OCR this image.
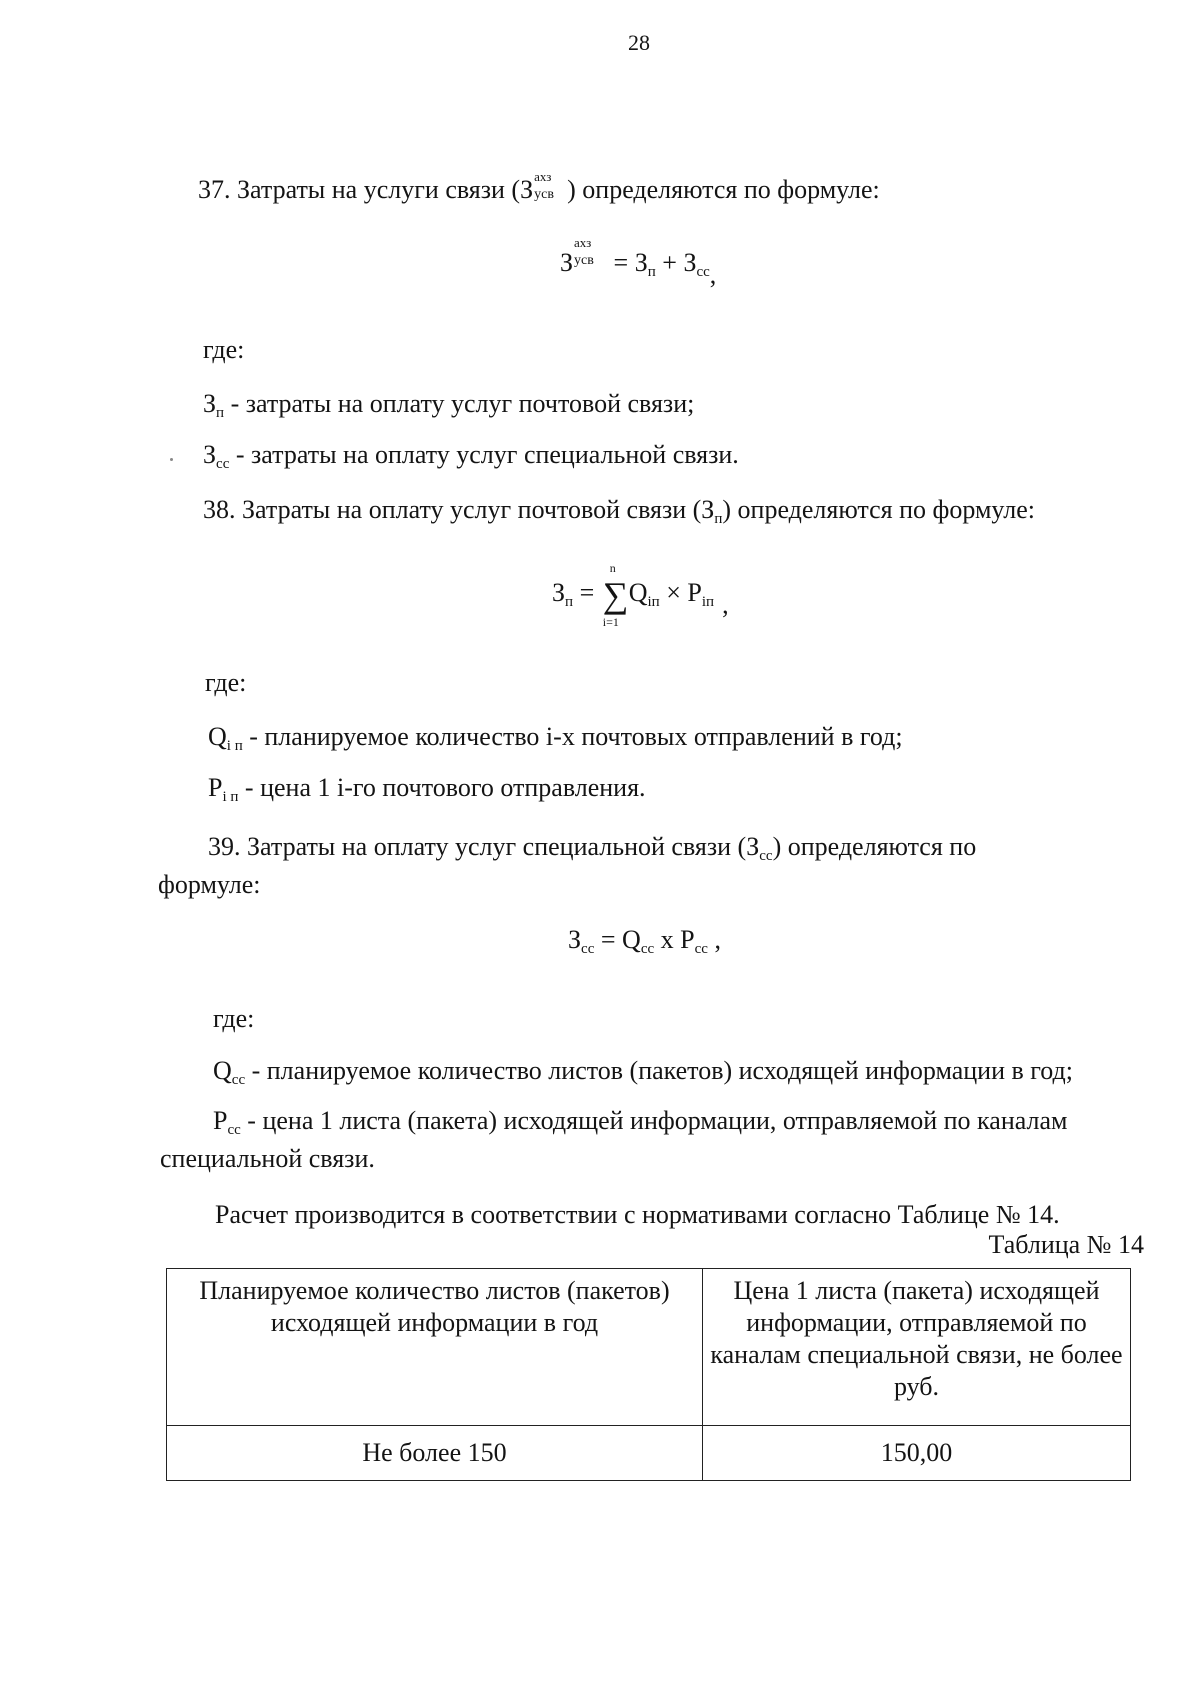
28
37. Затраты на услуги связи (З ахз
усв ) определяются по формуле:
З
ахз
усв = Зп + Зсс,
где:
Зп - затраты на оплату услуг почтовой связи;
Зсс - затраты на оплату услуг специальной связи.
38. Затраты на оплату услуг почтовой связи (Зп) определяются по формуле:
Зп =
n
∑
i=1
Qiп × Piп ,
где:
Qi п - планируемое количество i-х почтовых отправлений в год;
Pi п - цена 1 i-го почтового отправления.
39. Затраты на оплату услуг специальной связи (Зсс) определяются по
формуле:
Зсс = Qсс x Pсс ,
где:
Qсс - планируемое количество листов (пакетов) исходящей информации в год;
Pсс - цена 1 листа (пакета) исходящей информации, отправляемой по каналам
специальной связи.
Расчет производится в соответствии с нормативами согласно Таблице № 14.
Таблица № 14
Планируемое количество листов (пакетов) исходящей информации в год	Цена 1 листа (пакета) исходящей информации, отправляемой по каналам специальной связи, не более руб.
Не более 150	150,00
